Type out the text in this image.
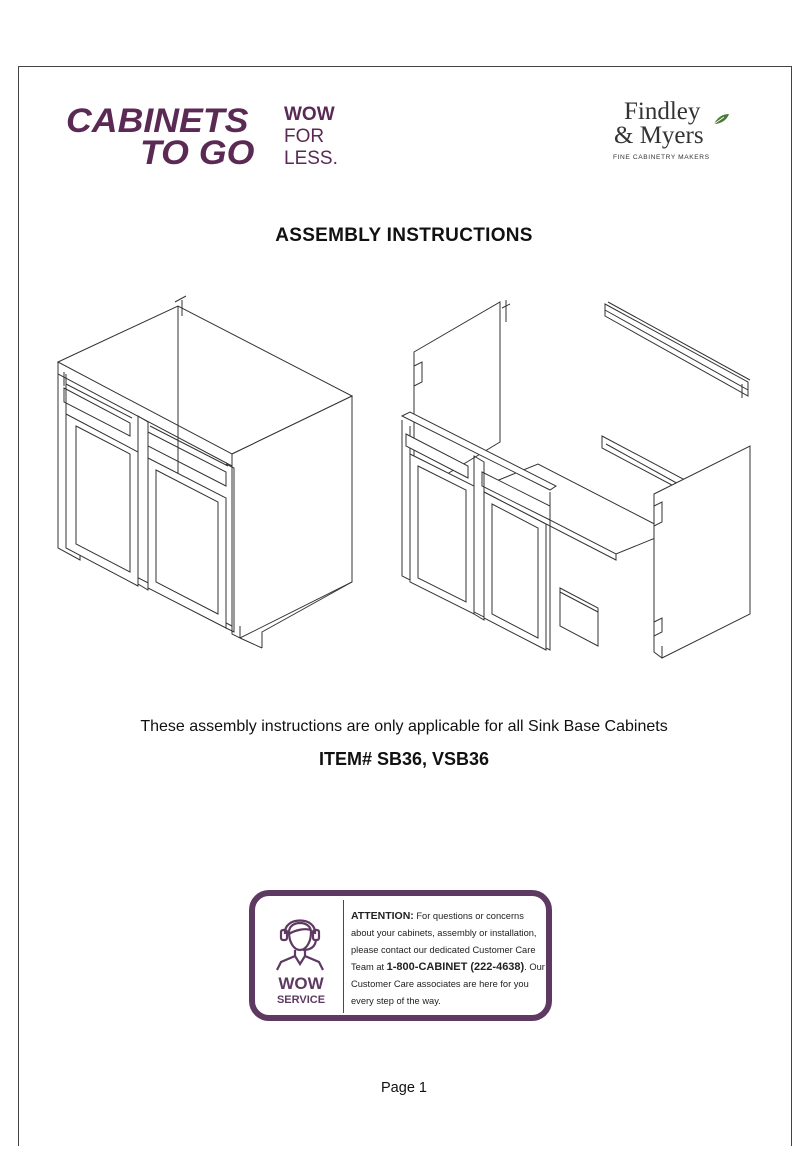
CABINETS
TO GO
WOW
FOR
LESS.
Findley
& Myers
FINE CABINETRY MAKERS
ASSEMBLY INSTRUCTIONS
These assembly instructions are only applicable for all Sink Base Cabinets
ITEM# SB36, VSB36
WOW
SERVICE
ATTENTION: For questions or concerns about your cabinets, assembly or installation, please contact our dedicated Customer Care Team at 1-800-CABINET (222-4638). Our Customer Care associates are here for you every step of the way.
Page 1
